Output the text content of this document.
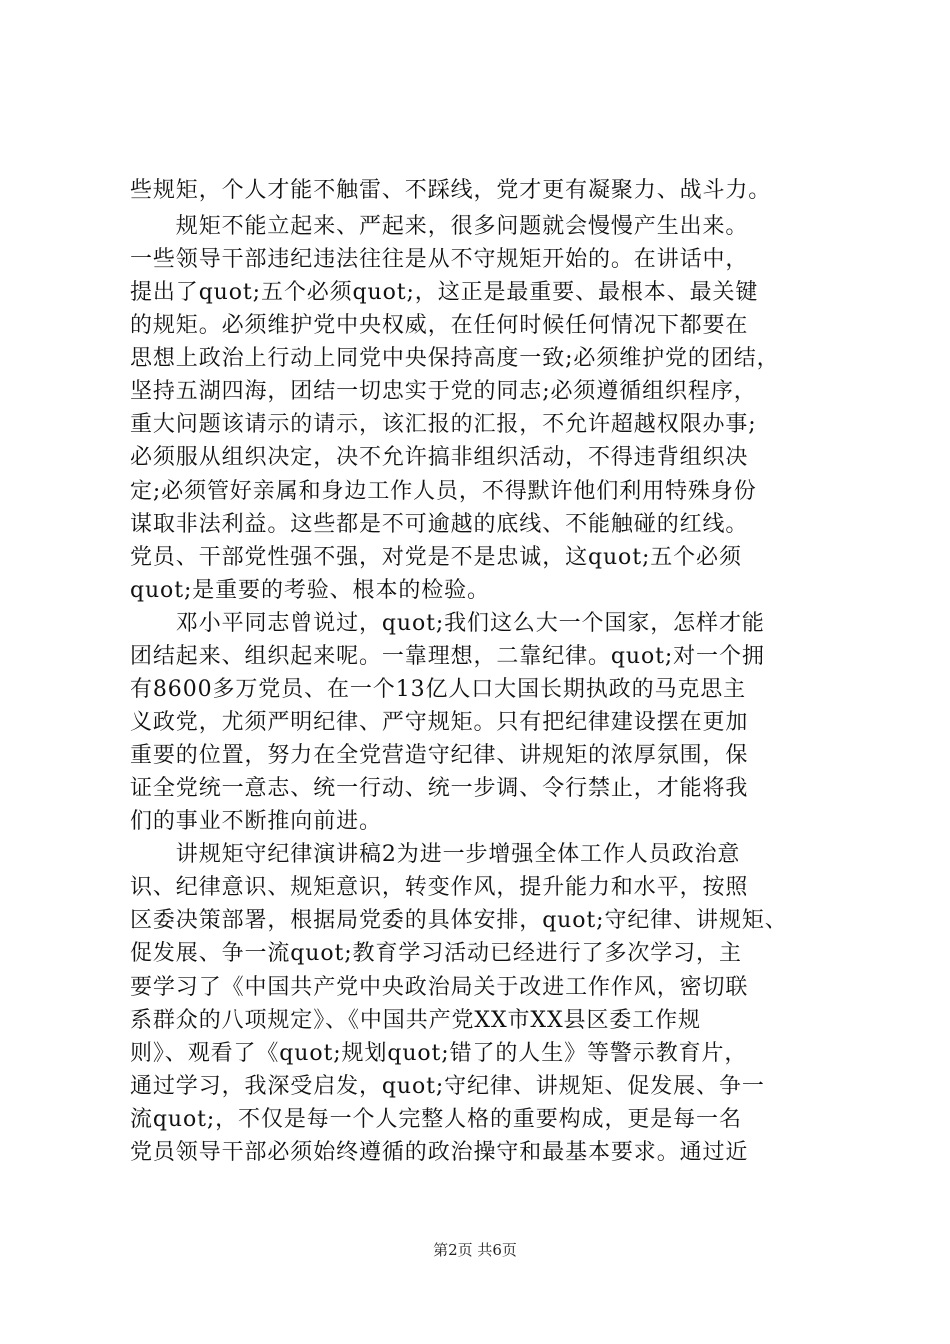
些规矩，个人才能不触雷、不踩线，党才更有凝聚力、战斗力。
　　规矩不能立起来、严起来，很多问题就会慢慢产生出来。
一些领导干部违纪违法往往是从不守规矩开始的。在讲话中，
提出了quot;五个必须quot;，这正是最重要、最根本、最关键
的规矩。必须维护党中央权威，在任何时候任何情况下都要在
思想上政治上行动上同党中央保持高度一致;必须维护党的团结，
坚持五湖四海，团结一切忠实于党的同志;必须遵循组织程序，
重大问题该请示的请示，该汇报的汇报，不允许超越权限办事;
必须服从组织决定，决不允许搞非组织活动，不得违背组织决
定;必须管好亲属和身边工作人员，不得默许他们利用特殊身份
谋取非法利益。这些都是不可逾越的底线、不能触碰的红线。
党员、干部党性强不强，对党是不是忠诚，这quot;五个必须
quot;是重要的考验、根本的检验。
　　邓小平同志曾说过，quot;我们这么大一个国家，怎样才能
团结起来、组织起来呢。一靠理想，二靠纪律。quot;对一个拥
有8600多万党员、在一个13亿人口大国长期执政的马克思主
义政党，尤须严明纪律、严守规矩。只有把纪律建设摆在更加
重要的位置，努力在全党营造守纪律、讲规矩的浓厚氛围，保
证全党统一意志、统一行动、统一步调、令行禁止，才能将我
们的事业不断推向前进。
　　讲规矩守纪律演讲稿2为进一步增强全体工作人员政治意
识、纪律意识、规矩意识，转变作风，提升能力和水平，按照
区委决策部署，根据局党委的具体安排，quot;守纪律、讲规矩、
促发展、争一流quot;教育学习活动已经进行了多次学习，主
要学习了《中国共产党中央政治局关于改进工作作风，密切联
系群众的八项规定》、《中国共产党XX市XX县区委工作规
则》、观看了《quot;规划quot;错了的人生》等警示教育片，
通过学习，我深受启发，quot;守纪律、讲规矩、促发展、争一
流quot;，不仅是每一个人完整人格的重要构成，更是每一名
党员领导干部必须始终遵循的政治操守和最基本要求。通过近
第2页 共6页
